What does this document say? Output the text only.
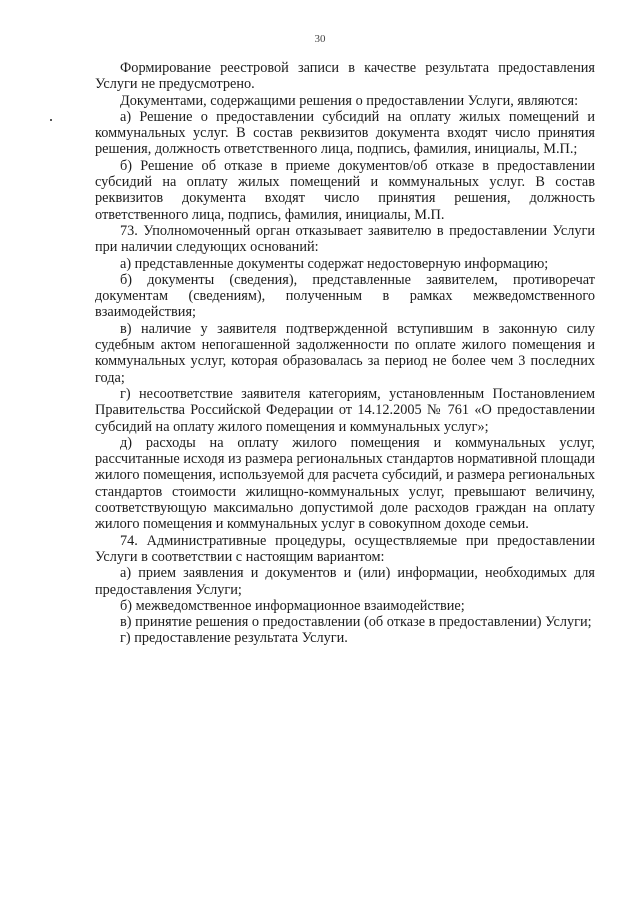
30

Формирование реестровой записи в качестве результата предоставления Услуги не предусмотрено.

Документами, содержащими решения о предоставлении Услуги, являются:

а) Решение о предоставлении субсидий на оплату жилых помещений и коммунальных услуг. В состав реквизитов документа входят число принятия решения, должность ответственного лица, подпись, фамилия, инициалы, М.П.;

б) Решение об отказе в приеме документов/об отказе в предоставлении субсидий на оплату жилых помещений и коммунальных услуг. В состав реквизитов документа входят число принятия решения, должность ответственного лица, подпись, фамилия, инициалы, М.П.

73. Уполномоченный орган отказывает заявителю в предоставлении Услуги при наличии следующих оснований:

а) представленные документы содержат недостоверную информацию;

б) документы (сведения), представленные заявителем, противоречат документам (сведениям), полученным в рамках межведомственного взаимодействия;

в) наличие у заявителя подтвержденной вступившим в законную силу судебным актом непогашенной задолженности по оплате жилого помещения и коммунальных услуг, которая образовалась за период не более чем 3 последних года;

г) несоответствие заявителя категориям, установленным Постановлением Правительства Российской Федерации от 14.12.2005 № 761 «О предоставлении субсидий на оплату жилого помещения и коммунальных услуг»;

д) расходы на оплату жилого помещения и коммунальных услуг, рассчитанные исходя из размера региональных стандартов нормативной площади жилого помещения, используемой для расчета субсидий, и размера региональных стандартов стоимости жилищно-коммунальных услуг, превышают величину, соответствующую максимально допустимой доле расходов граждан на оплату жилого помещения и коммунальных услуг в совокупном доходе семьи.

74. Административные процедуры, осуществляемые при предоставлении Услуги в соответствии с настоящим вариантом:

а) прием заявления и документов и (или) информации, необходимых для предоставления Услуги;

б) межведомственное информационное взаимодействие;

в) принятие решения о предоставлении (об отказе в предоставлении) Услуги;

г) предоставление результата Услуги.
